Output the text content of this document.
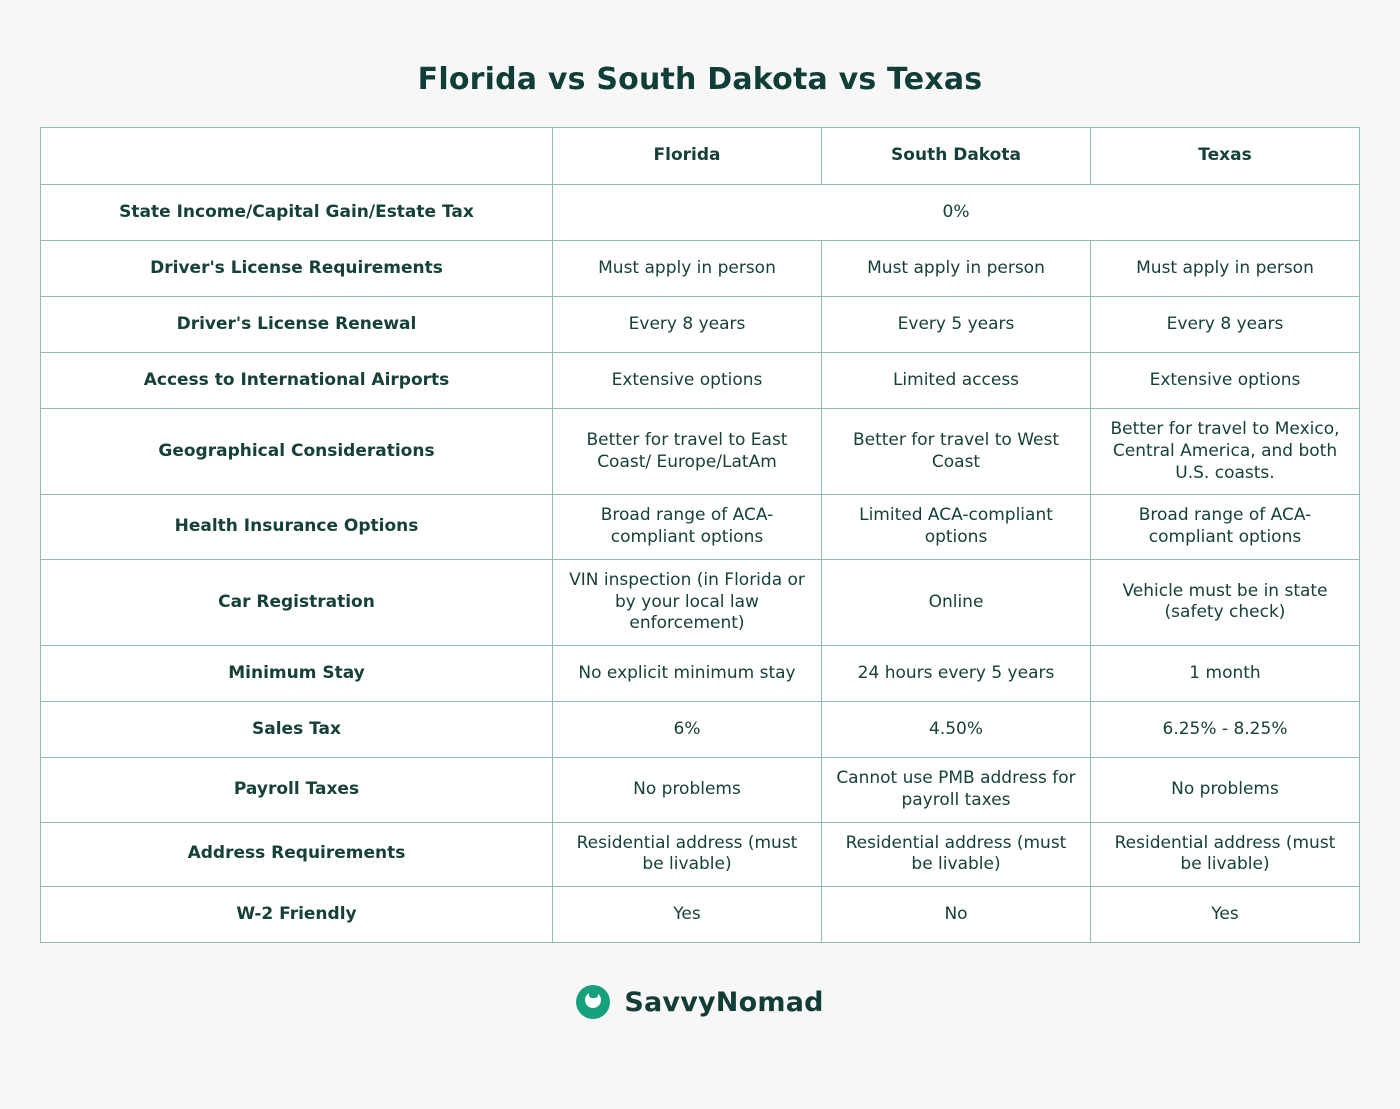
Florida vs South Dakota vs Texas
	Florida	South Dakota	Texas
State Income/Capital Gain/Estate Tax	0%		
Driver's License Requirements	Must apply in person	Must apply in person	Must apply in person
Driver's License Renewal	Every 8 years	Every 5 years	Every 8 years
Access to International Airports	Extensive options	Limited access	Extensive options
Geographical Considerations	Better for travel to East Coast/ Europe/LatAm	Better for travel to West Coast	Better for travel to Mexico, Central America, and both U.S. coasts.
Health Insurance Options	Broad range of ACA-compliant options	Limited ACA-compliant options	Broad range of ACA-compliant options
Car Registration	VIN inspection (in Florida or by your local law enforcement)	Online	Vehicle must be in state (safety check)
Minimum Stay	No explicit minimum stay	24 hours every 5 years	1 month
Sales Tax	6%	4.50%	6.25% - 8.25%
Payroll Taxes	No problems	Cannot use PMB address for payroll taxes	No problems
Address Requirements	Residential address (must be livable)	Residential address (must be livable)	Residential address (must be livable)
W-2 Friendly	Yes	No	Yes
SavvyNomad
